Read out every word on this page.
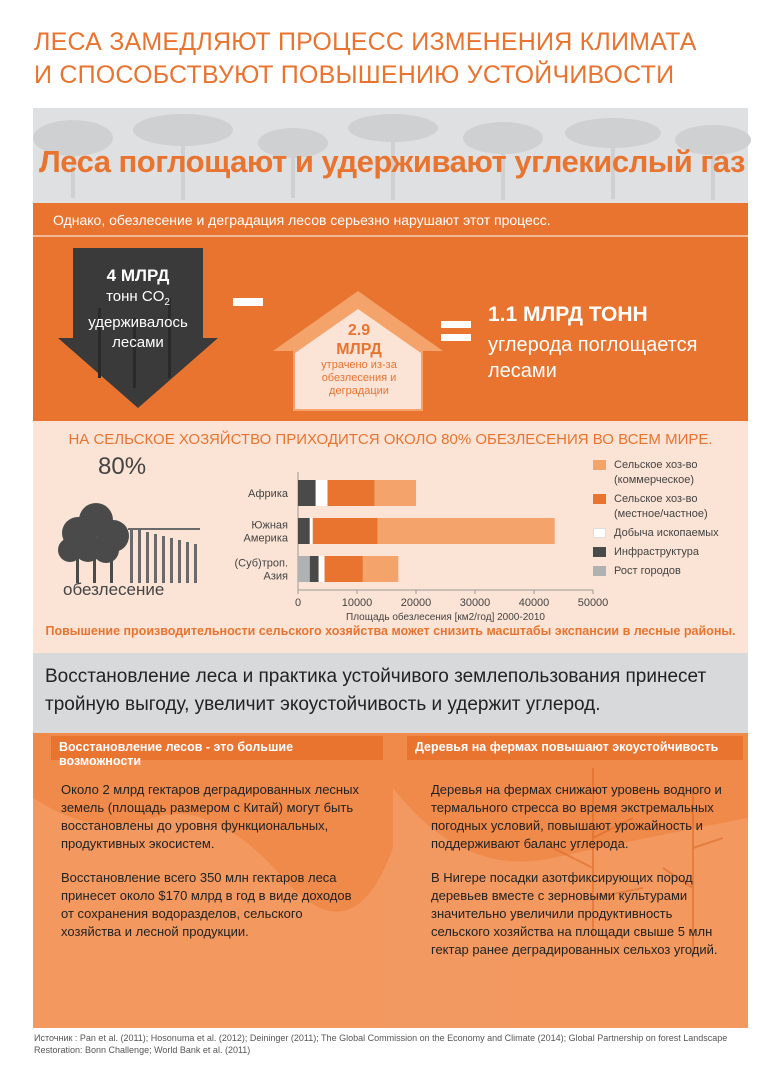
ЛЕСА ЗАМЕДЛЯЮТ ПРОЦЕСС ИЗМЕНЕНИЯ КЛИМАТА
И СПОСОБСТВУЮТ ПОВЫШЕНИЮ УСТОЙЧИВОСТИ
Леса поглощают и удерживают углекислый газ
Однако, обезлесение и деградация лесов серьезно нарушают этот процесс.
4 МЛРД
тонн $CO_2$
удерживалось
лесами
2.9
МЛРД
утрачено из-за
обезлесения и
деградации
1.1 МЛРД ТОНН
углерода поглощается
лесами
НА СЕЛЬСКОЕ ХОЗЯЙСТВО ПРИХОДИТСЯ ОКОЛО 80% ОБЕЗЛЕСЕНИЯ ВО ВСЕМ МИРЕ.
80%
обезлесение
0	10000	20000	30000	40000	50000
Площадь обезлесения [км2/год] 2000-2010
Африка
Южная
Америка
(Суб)троп.
Азия
Сельское хоз-во
(коммерческое)
Сельское хоз-во
(местное/частное)
Добыча ископаемых
Инфраструктура
Рост городов
Повышение производительности сельского хозяйства может снизить масштабы экспансии в лесные районы.
Восстановление леса и практика устойчивого землепользования принесет тройную выгоду, увеличит экоустойчивость и удержит углерод.
Восстановление лесов - это большие возможности
Деревья на фермах повышают экоустойчивость

Около 2 млрд гектаров деградированных лесных земель (площадь размером с Китай) могут быть восстановлены до уровня функциональных, продуктивных экосистем.

Восстановление всего 350 млн гектаров леса принесет около $170 млрд в год в виде доходов от сохранения водоразделов, сельского хозяйства и лесной продукции.

Деревья на фермах снижают уровень водного и термального стресса во время экстремальных погодных условий, повышают урожайность и поддерживают баланс углерода.

В Нигере посадки азотфиксирующих пород деревьев вместе с зерновыми культурами значительно увеличили продуктивность сельского хозяйства на площади свыше 5 млн гектар ранее деградированных сельхоз угодий.

Источник : Pan et al. (2011); Hosonuma et al. (2012); Deininger (2011); The Global Commission on the Economy and Climate (2014); Global Partnership on forest Landscape Restoration: Bonn Challenge; World Bank et al. (2011)
